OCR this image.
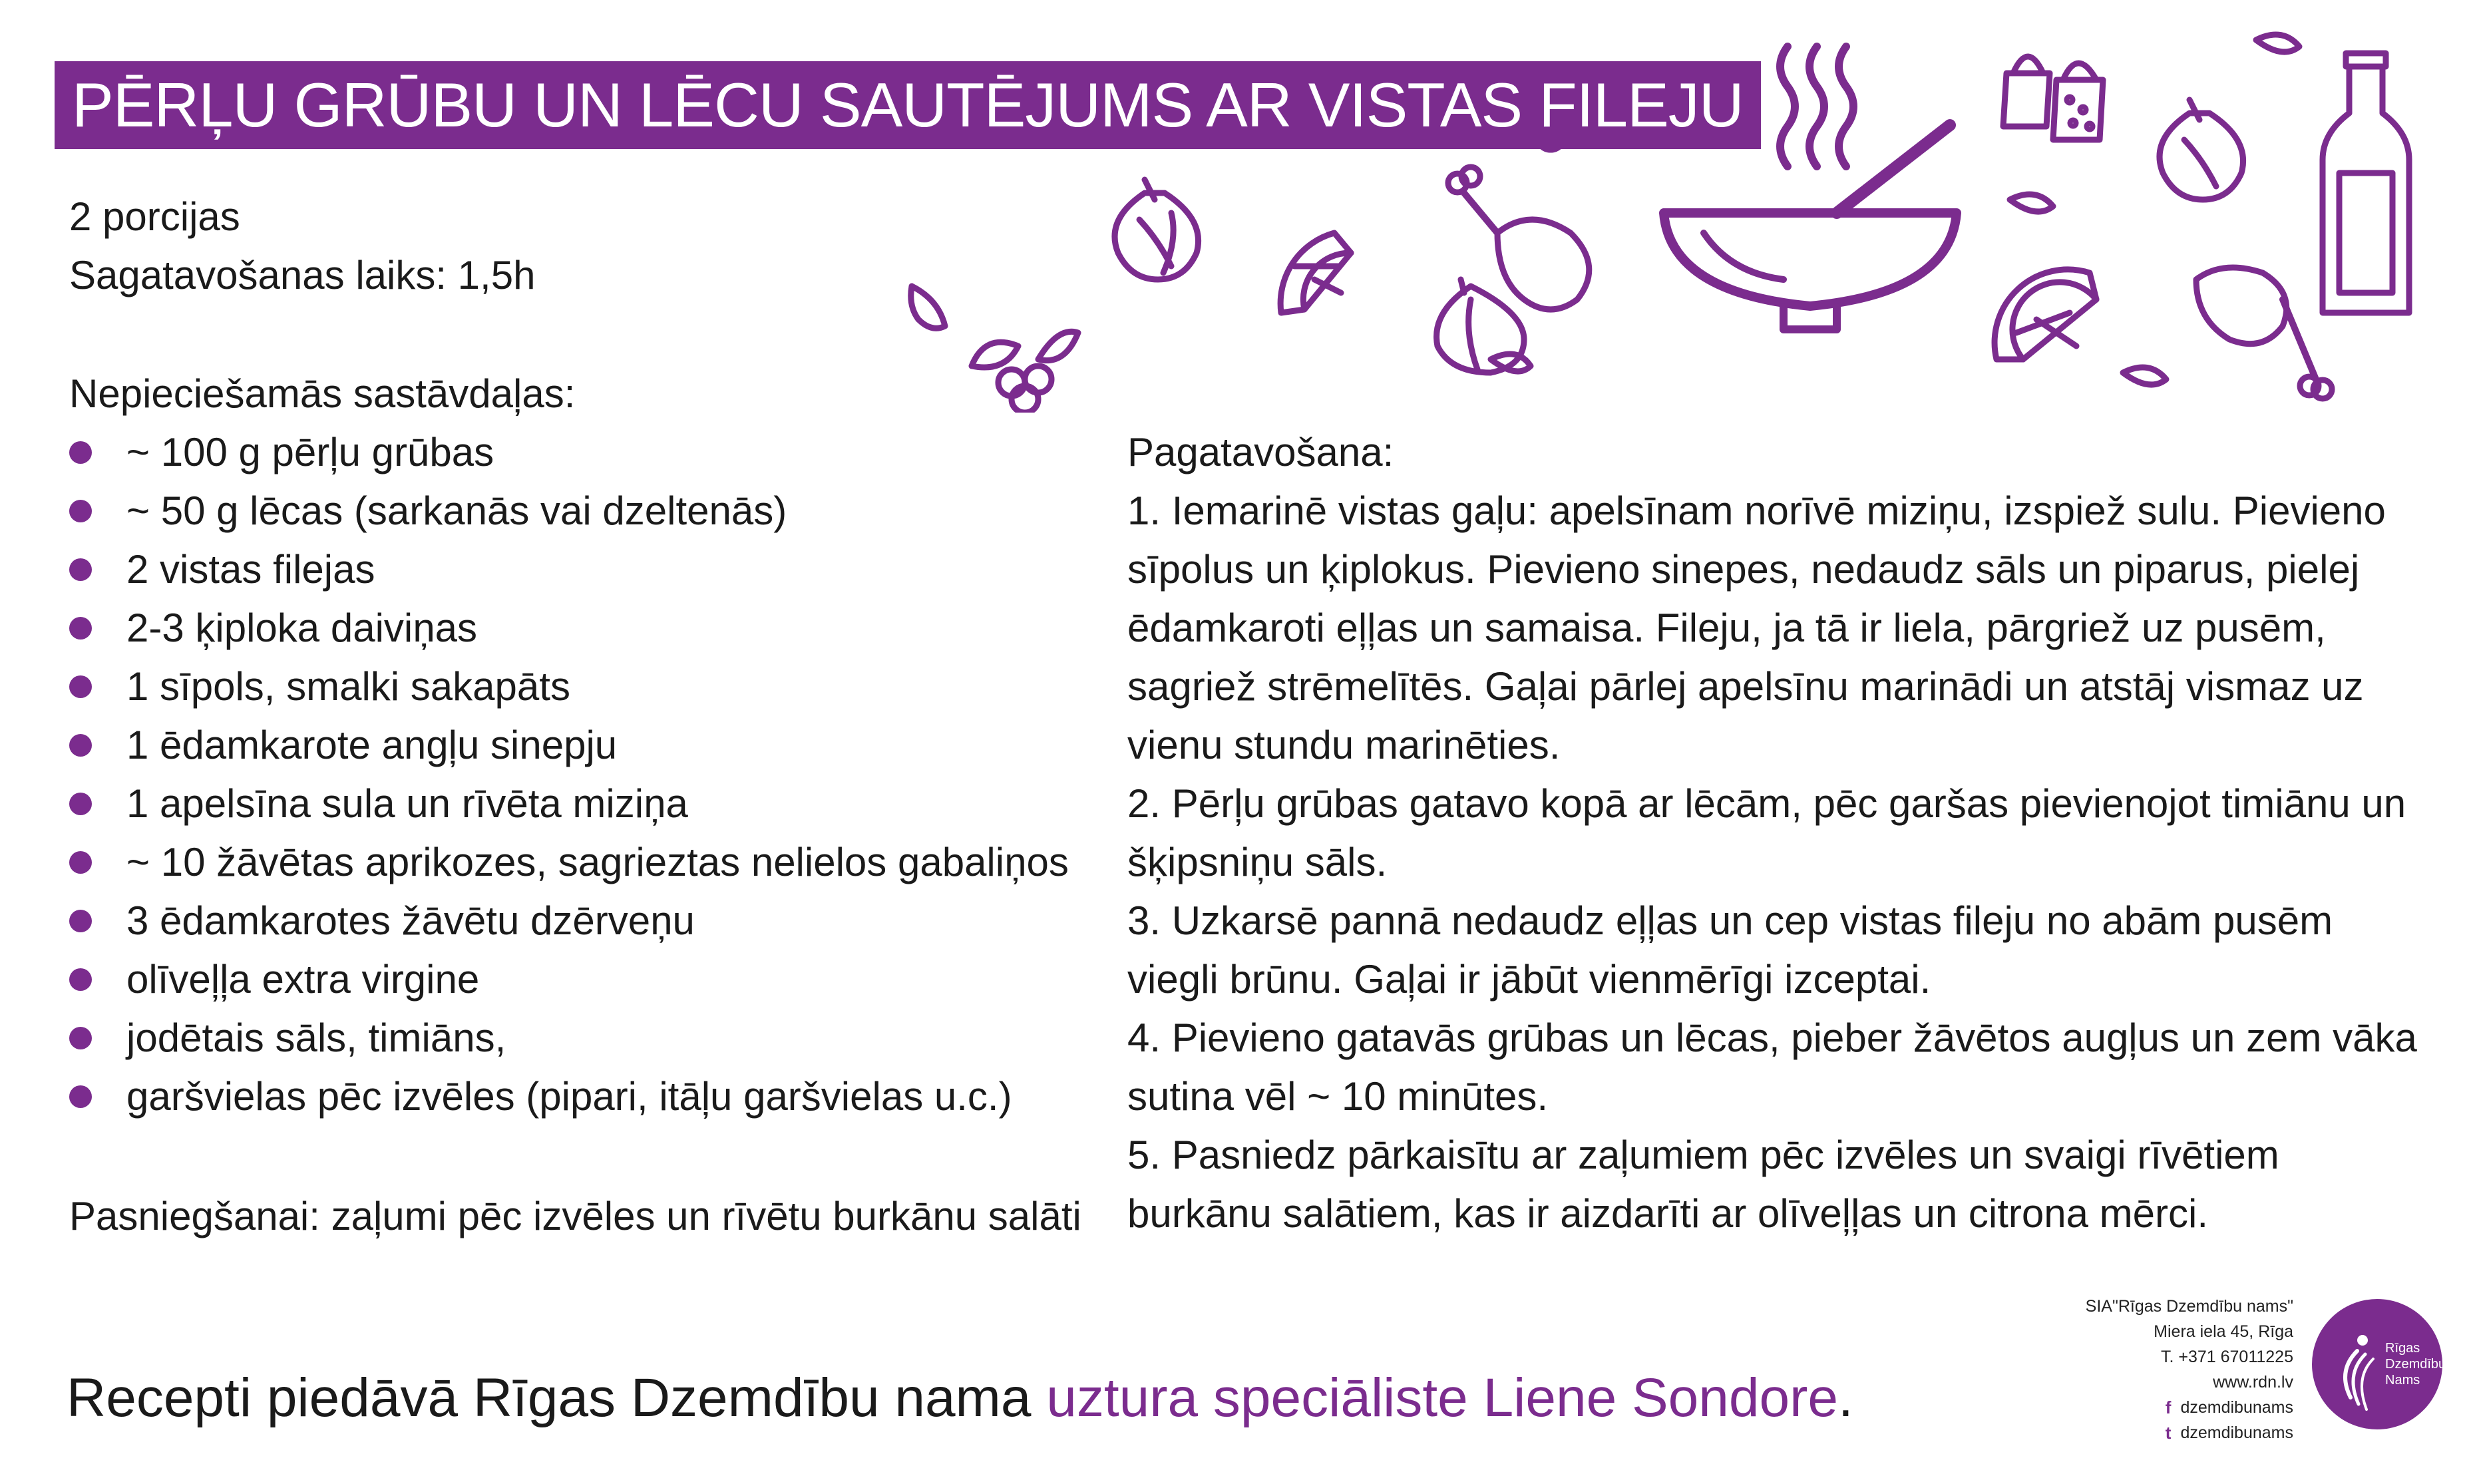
PĒRĻU GRŪBU UN LĒCU SAUTĒJUMS AR VISTAS FILEJU
2 porcijas
Sagatavošanas laiks: 1,5h
Nepieciešamās sastāvdaļas:
~ 100 g pērļu grūbas
~ 50 g lēcas (sarkanās vai dzeltenās)
2 vistas filejas
2-3 ķiploka daiviņas
1 sīpols, smalki sakapāts
1 ēdamkarote angļu sinepju
1 apelsīna sula un rīvēta miziņa
~ 10 žāvētas aprikozes, sagrieztas nelielos gabaliņos
3 ēdamkarotes žāvētu dzērveņu
olīveļļa extra virgine
jodētais sāls, timiāns,
garšvielas pēc izvēles (pipari, itāļu garšvielas u.c.)
Pasniegšanai: zaļumi pēc izvēles un rīvētu burkānu salāti

Pagatavošana:

1. Iemarinē vistas gaļu: apelsīnam norīvē miziņu, izspiež sulu. Pievieno sīpolus un ķiplokus. Pievieno sinepes, nedaudz sāls un piparus, pielej ēdamkaroti eļļas un samaisa. Fileju, ja tā ir liela, pārgriež uz pusēm, sagriež strēmelītēs. Gaļai pārlej apelsīnu marinādi un atstāj vismaz uz vienu stundu marinēties.

2. Pērļu grūbas gatavo kopā ar lēcām, pēc garšas pievienojot timiānu un šķipsniņu sāls.

3. Uzkarsē pannā nedaudz eļļas un cep vistas fileju no abām pusēm viegli brūnu. Gaļai ir jābūt vienmērīgi izceptai.

4. Pievieno gatavās grūbas un lēcas, pieber žāvētos augļus un zem vāka sutina vēl ~ 10 minūtes.

5. Pasniedz pārkaisītu ar zaļumiem pēc izvēles un svaigi rīvētiem burkānu salātiem, kas ir aizdarīti ar olīveļļas un citrona mērci.

Recepti piedāvā Rīgas Dzemdību nama uztura speciāliste Liene Sondore.
SIA"Rīgas Dzemdību nams"
Miera iela 45, Rīga
T. +371 67011225
www.rdn.lv
f dzemdibunams
t dzemdibunams
Rīgas
Dzemdību
Nams
